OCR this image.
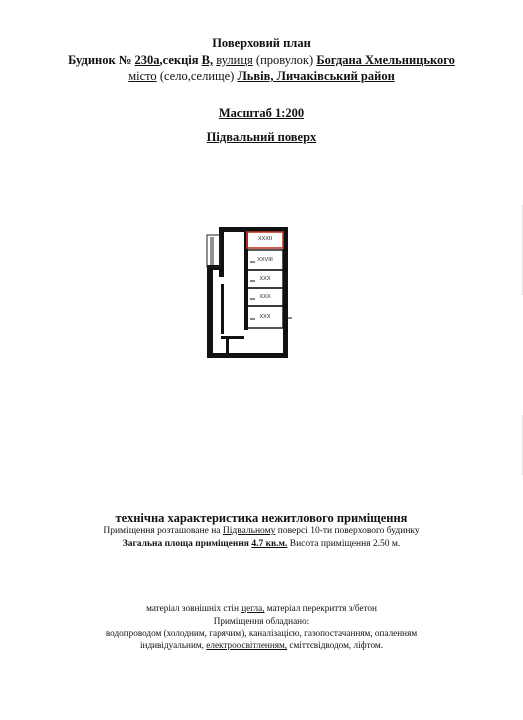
Поверховий план
Будинок № 230а,секція В, вулиця (провулок) Богдана Хмельницького
місто (село,селище) Львів, Личаківський район
Масштаб 1:200
Підвальний поверх
XXXII
XXVIII
XXX
XXX
XXX
технічна характеристика нежитлового приміщення
Приміщення розташоване на Підвальному поверсі 10-ти поверхового будинку
Загальна площа приміщення 4.7 кв.м. Висота приміщення 2.50 м.
матеріал зовнішніх стін цегла, матеріал перекриття з/бетон
Приміщення обладнано:
водопроводом (холодним, гарячим), каналізацією, газопостачанням, опаленням
індивідуальним, електроосвітленням, сміттєвідводом, ліфтом.
